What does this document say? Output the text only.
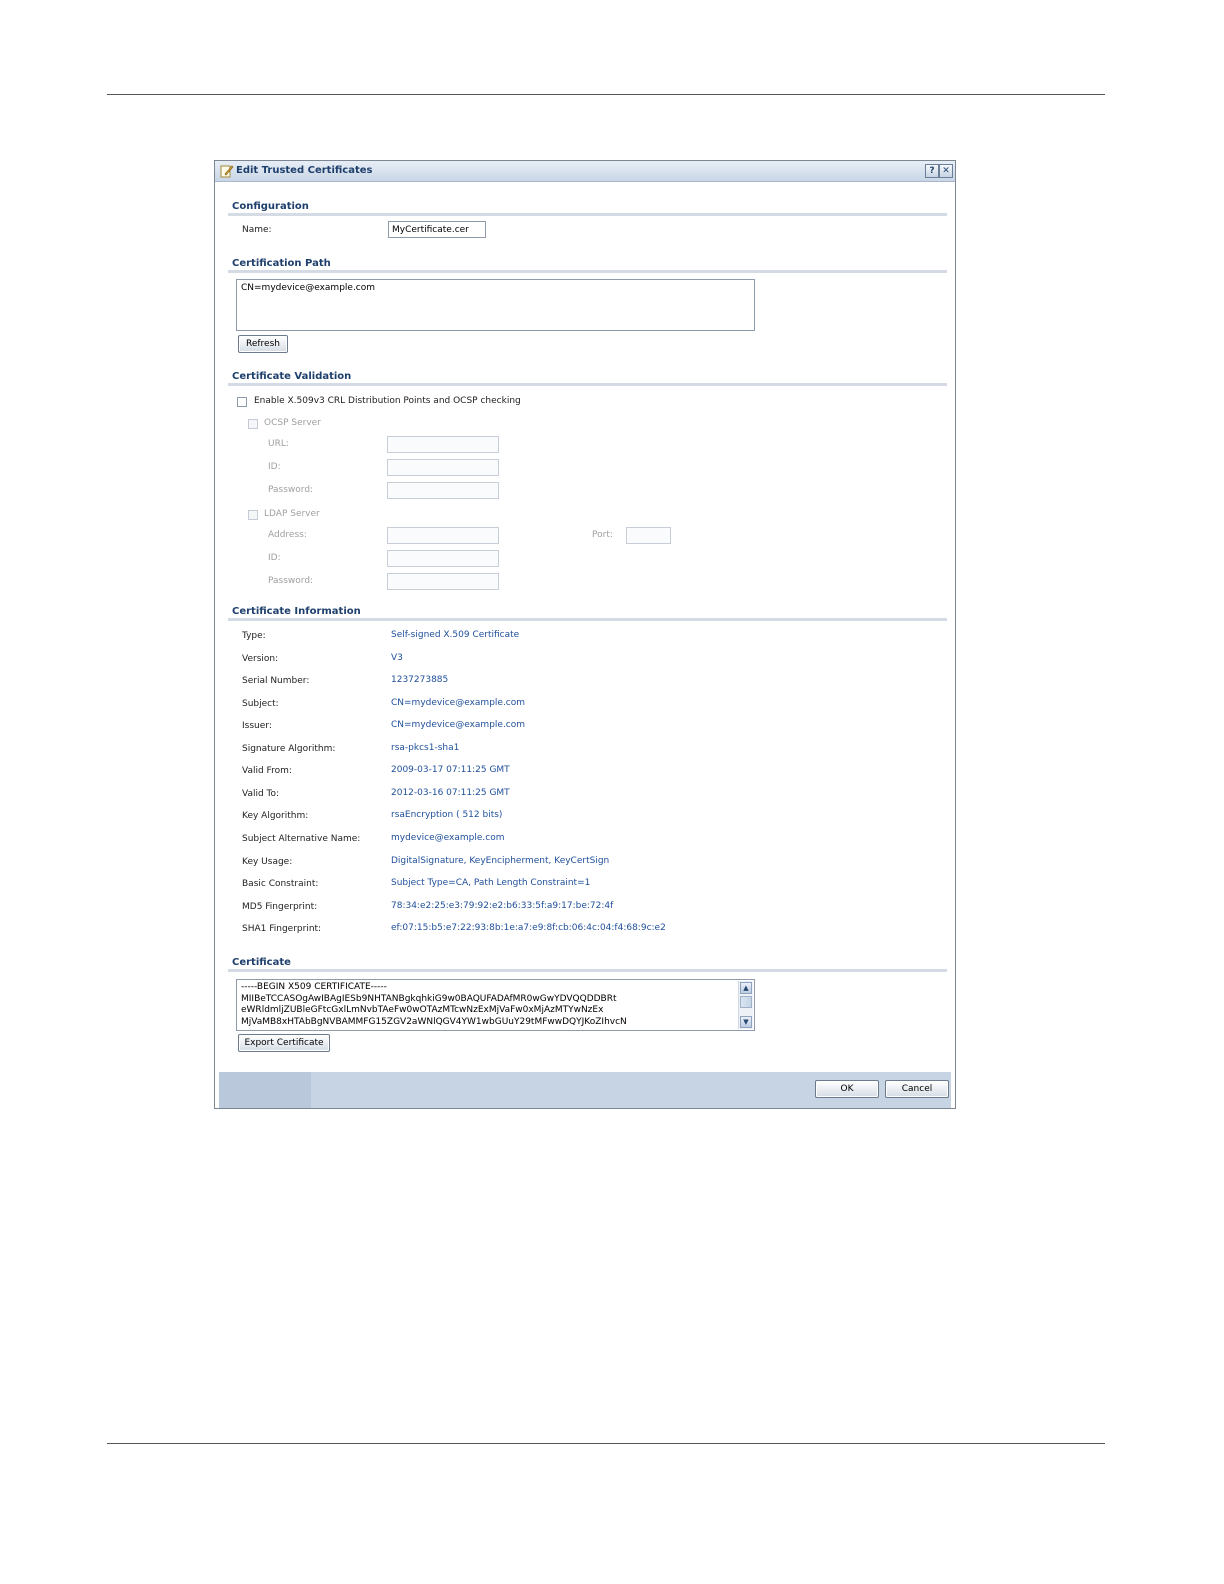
Edit Trusted Certificates	? ✕
Configuration
Name:
MyCertificate.cer
Certification Path
CN=mydevice@example.com
Refresh
Certificate Validation
Enable X.509v3 CRL Distribution Points and OCSP checking
OCSP Server
URL:
ID:
Password:
LDAP Server
Address:	Port:
ID:
Password:
Certificate Information
Type:	Self-signed X.509 Certificate
Version:	V3
Serial Number:	1237273885
Subject:	CN=mydevice@example.com
Issuer:	CN=mydevice@example.com
Signature Algorithm:	rsa-pkcs1-sha1
Valid From:	2009-03-17 07:11:25 GMT
Valid To:	2012-03-16 07:11:25 GMT
Key Algorithm:	rsaEncryption ( 512 bits)
Subject Alternative Name:	mydevice@example.com
Key Usage:	DigitalSignature, KeyEncipherment, KeyCertSign
Basic Constraint:	Subject Type=CA, Path Length Constraint=1
MD5 Fingerprint:	78:34:e2:25:e3:79:92:e2:b6:33:5f:a9:17:be:72:4f
SHA1 Fingerprint:	ef:07:15:b5:e7:22:93:8b:1e:a7:e9:8f:cb:06:4c:04:f4:68:9c:e2
Certificate
-----BEGIN X509 CERTIFICATE-----
MIIBeTCCASOgAwIBAgIESb9NHTANBgkqhkiG9w0BAQUFADAfMR0wGwYDVQQDDBRt
eWRldmljZUBleGFtcGxlLmNvbTAeFw0wOTAzMTcwNzExMjVaFw0xMjAzMTYwNzEx
MjVaMB8xHTAbBgNVBAMMFG15ZGV2aWNlQGV4YW1wbGUuY29tMFwwDQYJKoZIhvcN
▲
▼
Export Certificate
OK	Cancel
